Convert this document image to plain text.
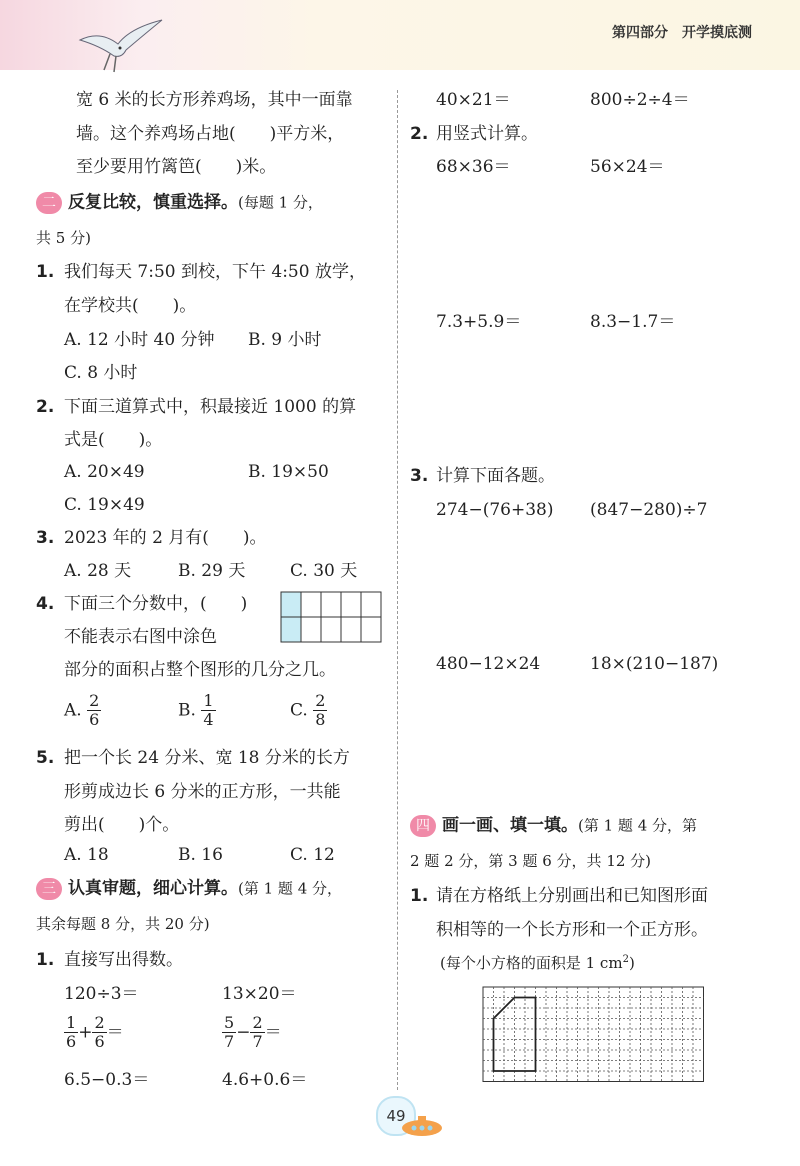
第四部分 开学摸底测
宽 6 米的长方形养鸡场，其中一面靠
墙。这个养鸡场占地(　　)平方米，
至少要用竹篱笆(　　)米。
二 反复比较，慎重选择。(每题 1 分，
共 5 分)
1. 我们每天 7:50 到校，下午 4:50 放学，
在学校共(　　)。
A. 12 小时 40 分钟 B. 9 小时
C. 8 小时
2. 下面三道算式中，积最接近 1000 的算
式是(　　)。
A. 20×49	B. 19×50
C. 19×49
3. 2023 年的 2 月有(　　)。
A. 28 天	B. 29 天	C. 30 天
4. 下面三个分数中，(　　)
不能表示右图中涂色
部分的面积占整个图形的几分之几。
A. $\frac{2}{6}$	B. $\frac{1}{4}$	C. $\frac{2}{8}$
5. 把一个长 24 分米、宽 18 分米的长方
形剪成边长 6 分米的正方形，一共能
剪出(　　)个。
A. 18	B. 16	C. 12
三 认真审题，细心计算。(第 1 题 4 分，
其余每题 8 分，共 20 分)
1. 直接写出得数。
120÷3＝	13×20＝
$\frac{1}{6} + \frac{2}{6}$ ＝	$\frac{5}{7} - \frac{2}{7}$ ＝
6.5−0.3＝	4.6+0.6＝
40×21＝	800÷2÷4＝
2. 用竖式计算。
68×36＝	56×24＝
7.3+5.9＝	8.3−1.7＝
3. 计算下面各题。
274−(76+38) (847−280)÷7
480−12×24	18×(210−187)
四 画一画、填一填。(第 1 题 4 分，第
2 题 2 分，第 3 题 6 分，共 12 分)
1. 请在方格纸上分别画出和已知图形面
积相等的一个长方形和一个正方形。
(每个小方格的面积是 1 $cm^2$)
49
